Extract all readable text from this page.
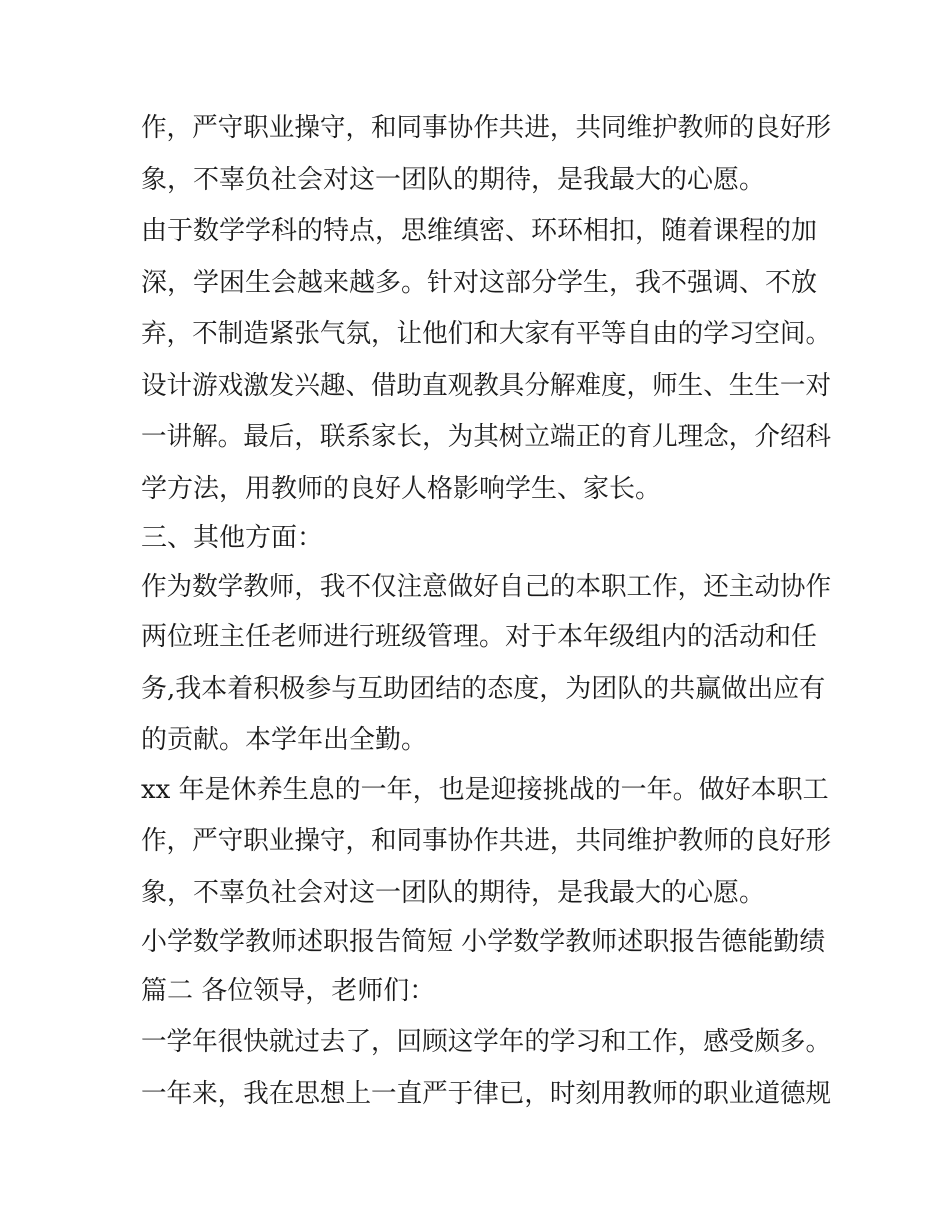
作，严守职业操守，和同事协作共进，共同维护教师的良好形
象，不辜负社会对这一团队的期待，是我最大的心愿。
由于数学学科的特点，思维缜密、环环相扣，随着课程的加
深，学困生会越来越多。针对这部分学生，我不强调、不放
弃，不制造紧张气氛，让他们和大家有平等自由的学习空间。
设计游戏激发兴趣、借助直观教具分解难度，师生、生生一对
一讲解。最后，联系家长，为其树立端正的育儿理念，介绍科
学方法，用教师的良好人格影响学生、家长。
三、其他方面：
作为数学教师，我不仅注意做好自己的本职工作，还主动协作
两位班主任老师进行班级管理。对于本年级组内的活动和任
务,我本着积极参与互助团结的态度，为团队的共赢做出应有
的贡献。本学年出全勤。
xx 年是休养生息的一年，也是迎接挑战的一年。做好本职工
作，严守职业操守，和同事协作共进，共同维护教师的良好形
象，不辜负社会对这一团队的期待，是我最大的心愿。
小学数学教师述职报告简短 小学数学教师述职报告德能勤绩
篇二 各位领导，老师们：
一学年很快就过去了，回顾这学年的学习和工作，感受颇多。
一年来，我在思想上一直严于律已，时刻用教师的职业道德规
